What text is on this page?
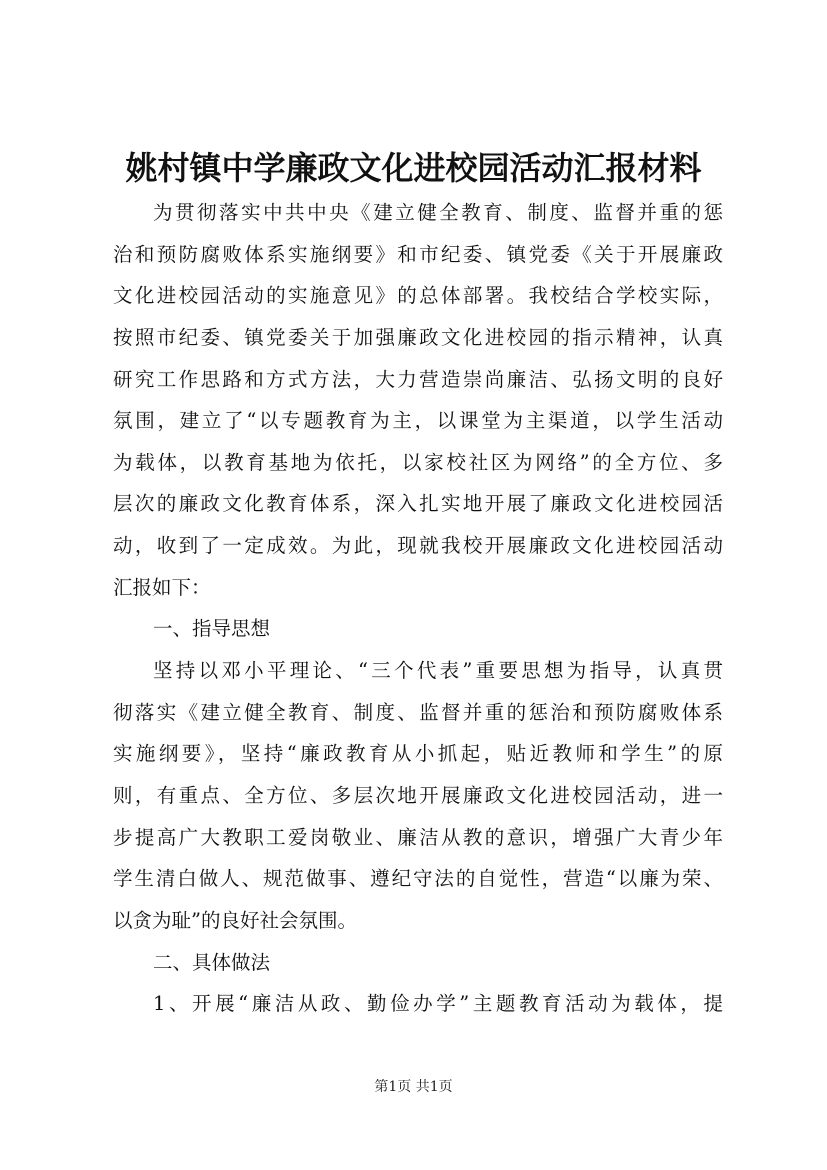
姚村镇中学廉政文化进校园活动汇报材料
为贯彻落实中共中央《建立健全教育、制度、监督并重的惩
治和预防腐败体系实施纲要》和市纪委、镇党委《关于开展廉政
文化进校园活动的实施意见》的总体部署。我校结合学校实际，
按照市纪委、镇党委关于加强廉政文化进校园的指示精神，认真
研究工作思路和方式方法，大力营造崇尚廉洁、弘扬文明的良好
氛围，建立了“以专题教育为主，以课堂为主渠道，以学生活动
为载体，以教育基地为依托，以家校社区为网络”的全方位、多
层次的廉政文化教育体系，深入扎实地开展了廉政文化进校园活
动，收到了一定成效。为此，现就我校开展廉政文化进校园活动
汇报如下：
一、指导思想
坚持以邓小平理论、“三个代表”重要思想为指导，认真贯
彻落实《建立健全教育、制度、监督并重的惩治和预防腐败体系
实施纲要》，坚持“廉政教育从小抓起，贴近教师和学生”的原
则，有重点、全方位、多层次地开展廉政文化进校园活动，进一
步提高广大教职工爱岗敬业、廉洁从教的意识，增强广大青少年
学生清白做人、规范做事、遵纪守法的自觉性，营造“以廉为荣、
以贪为耻”的良好社会氛围。
二、具体做法
1、开展“廉洁从政、勤俭办学”主题教育活动为载体，提
第1页 共1页
